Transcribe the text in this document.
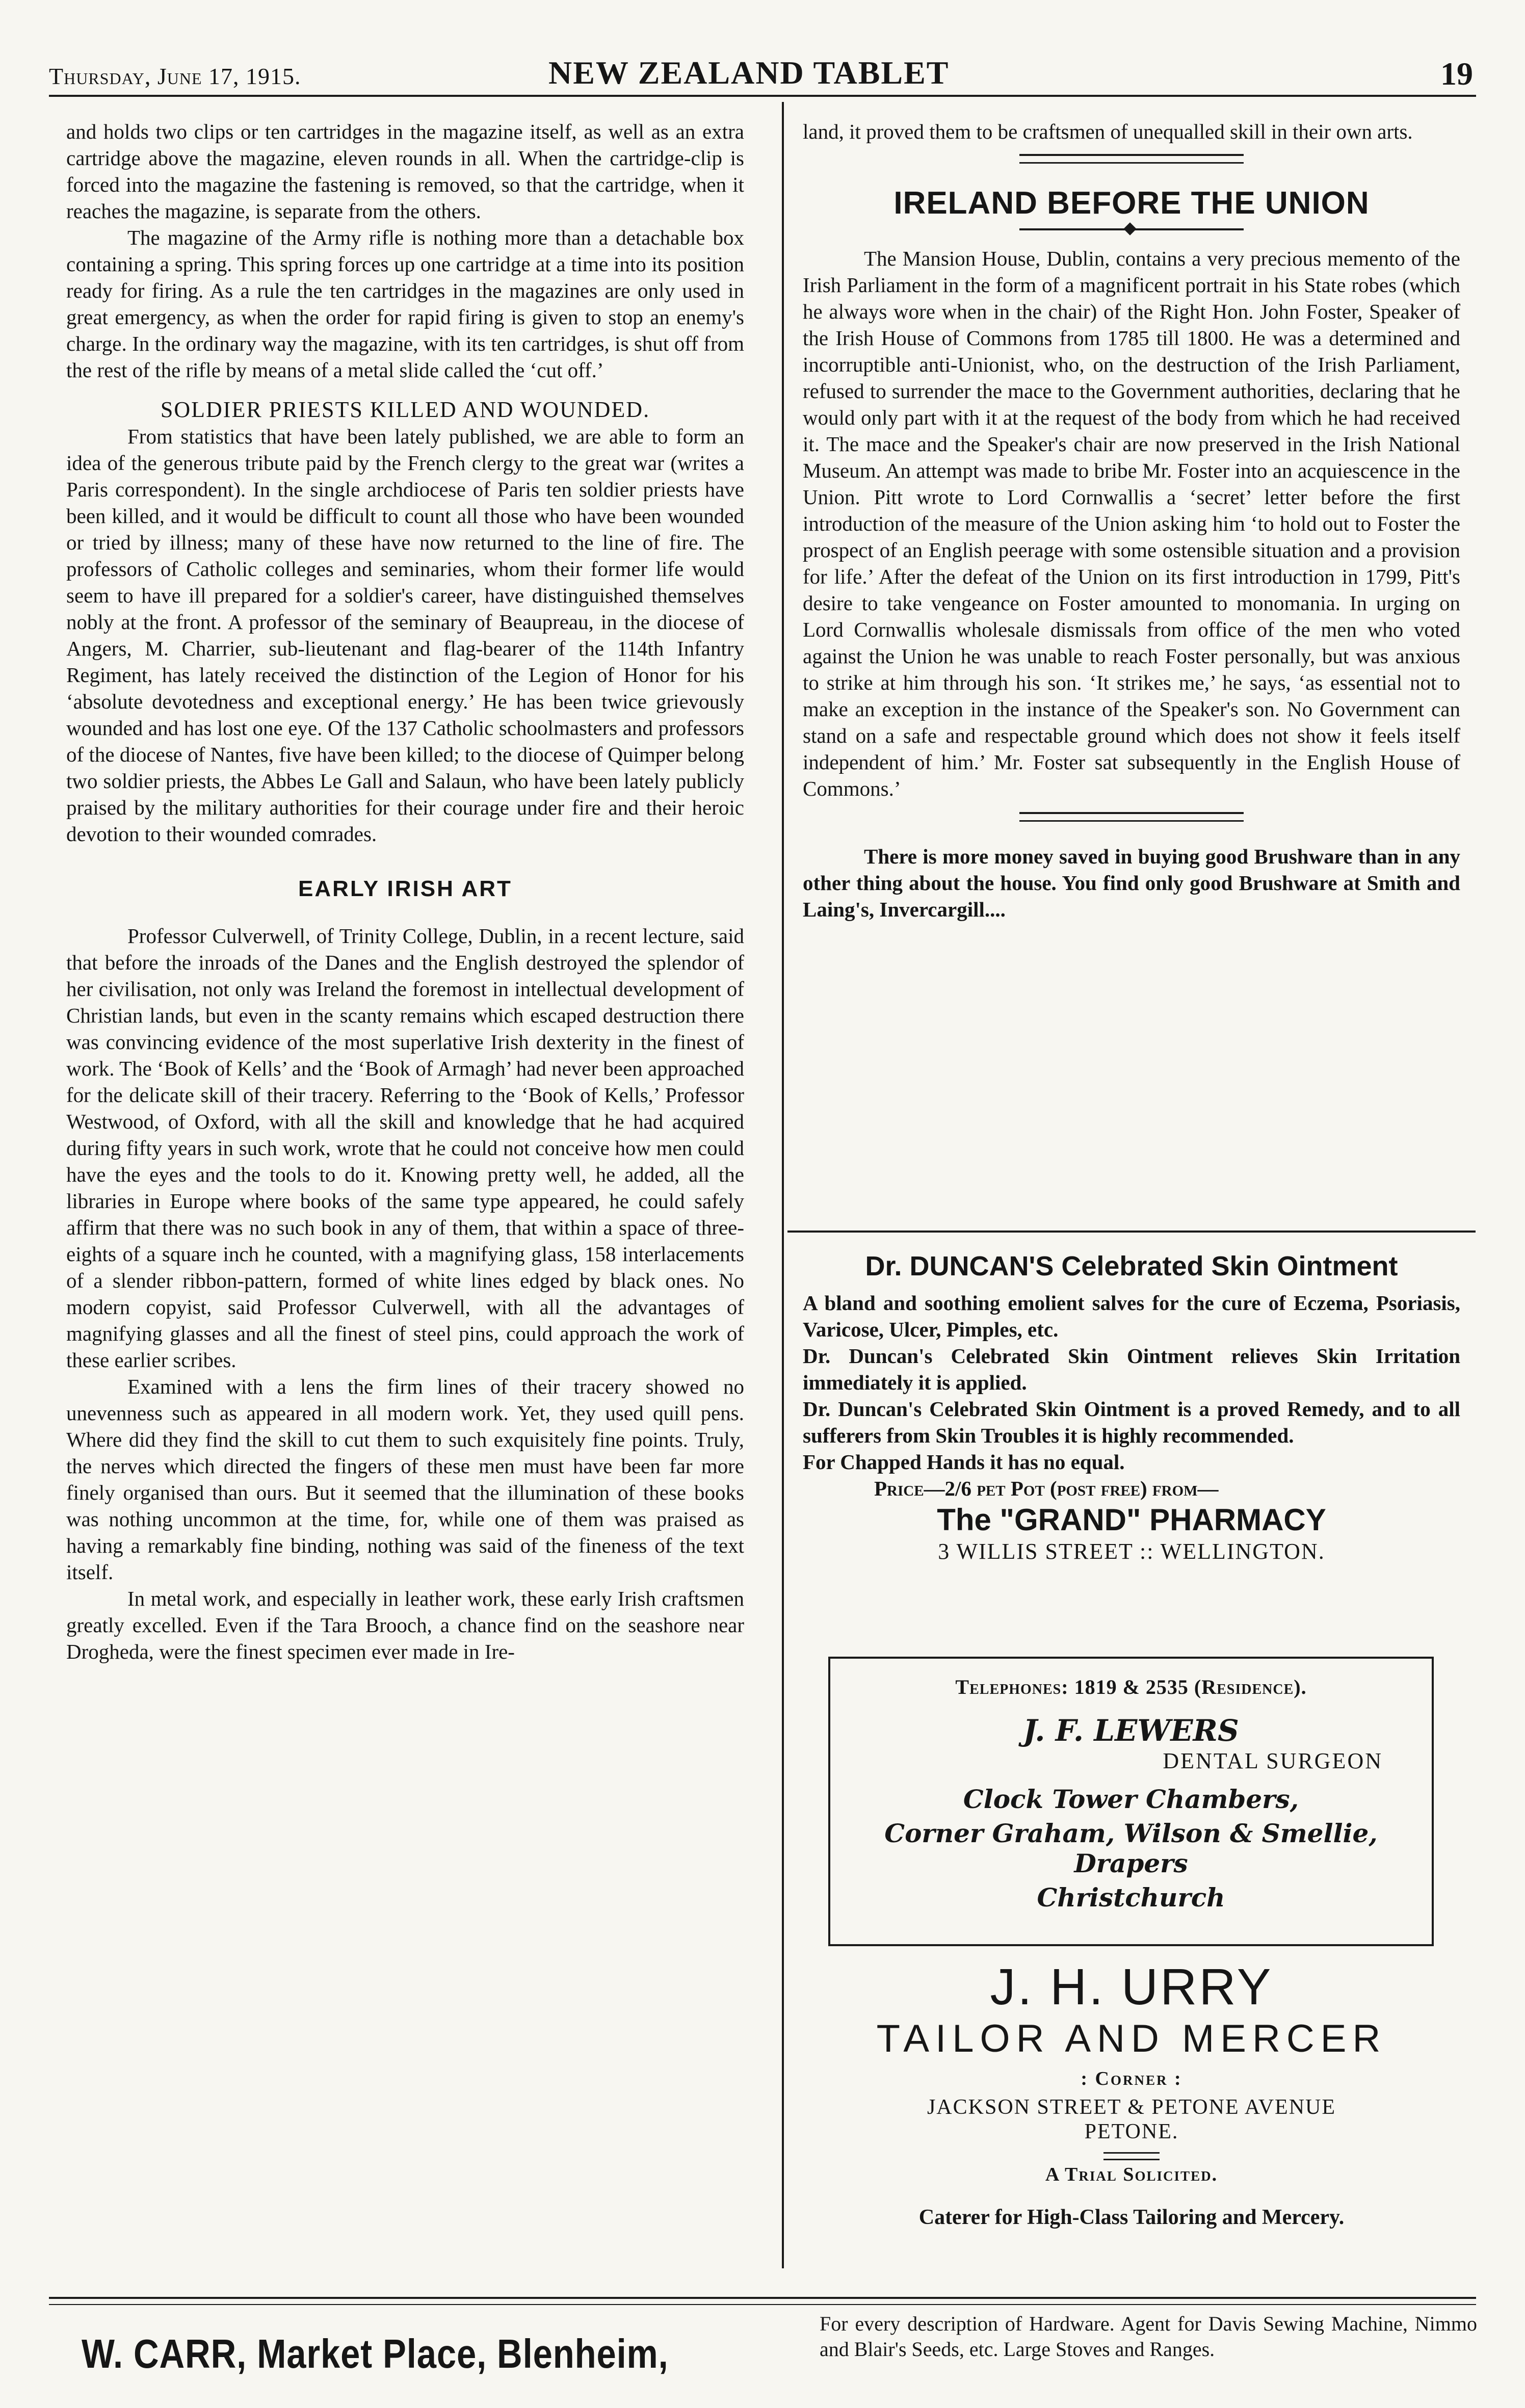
Thursday, June 17, 1915.	NEW ZEALAND TABLET	19

and holds two clips or ten cartridges in the magazine itself, as well as an extra cartridge above the magazine, eleven rounds in all. When the cartridge-clip is forced into the magazine the fastening is removed, so that the cartridge, when it reaches the magazine, is separate from the others.

The magazine of the Army rifle is nothing more than a detachable box containing a spring. This spring forces up one cartridge at a time into its position ready for firing. As a rule the ten cartridges in the magazines are only used in great emergency, as when the order for rapid firing is given to stop an enemy's charge. In the ordinary way the magazine, with its ten cartridges, is shut off from the rest of the rifle by means of a metal slide called the ‘cut off.’

SOLDIER PRIESTS KILLED AND WOUNDED.

From statistics that have been lately published, we are able to form an idea of the generous tribute paid by the French clergy to the great war (writes a Paris correspondent). In the single archdiocese of Paris ten soldier priests have been killed, and it would be difficult to count all those who have been wounded or tried by illness; many of these have now returned to the line of fire. The professors of Catholic colleges and seminaries, whom their former life would seem to have ill prepared for a soldier's career, have distinguished themselves nobly at the front. A professor of the seminary of Beaupreau, in the diocese of Angers, M. Charrier, sub-lieutenant and flag-bearer of the 114th Infantry Regiment, has lately received the distinction of the Legion of Honor for his ‘absolute devotedness and exceptional energy.’ He has been twice grievously wounded and has lost one eye. Of the 137 Catholic schoolmasters and professors of the diocese of Nantes, five have been killed; to the diocese of Quimper belong two soldier priests, the Abbes Le Gall and Salaun, who have been lately publicly praised by the military authorities for their courage under fire and their heroic devotion to their wounded comrades.

EARLY IRISH ART

Professor Culverwell, of Trinity College, Dublin, in a recent lecture, said that before the inroads of the Danes and the English destroyed the splendor of her civilisation, not only was Ireland the foremost in intellectual development of Christian lands, but even in the scanty remains which escaped destruction there was convincing evidence of the most superlative Irish dexterity in the finest of work. The ‘Book of Kells’ and the ‘Book of Armagh’ had never been approached for the delicate skill of their tracery. Referring to the ‘Book of Kells,’ Professor Westwood, of Oxford, with all the skill and knowledge that he had acquired during fifty years in such work, wrote that he could not conceive how men could have the eyes and the tools to do it. Knowing pretty well, he added, all the libraries in Europe where books of the same type appeared, he could safely affirm that there was no such book in any of them, that within a space of three-eights of a square inch he counted, with a magnifying glass, 158 interlacements of a slender ribbon-pattern, formed of white lines edged by black ones. No modern copyist, said Professor Culverwell, with all the advantages of magnifying glasses and all the finest of steel pins, could approach the work of these earlier scribes.

Examined with a lens the firm lines of their tracery showed no unevenness such as appeared in all modern work. Yet, they used quill pens. Where did they find the skill to cut them to such exquisitely fine points. Truly, the nerves which directed the fingers of these men must have been far more finely organised than ours. But it seemed that the illumination of these books was nothing uncommon at the time, for, while one of them was praised as having a remarkably fine binding, nothing was said of the fineness of the text itself.

In metal work, and especially in leather work, these early Irish craftsmen greatly excelled. Even if the Tara Brooch, a chance find on the seashore near Drogheda, were the finest specimen ever made in Ire-

land, it proved them to be craftsmen of unequalled skill in their own arts.

IRELAND BEFORE THE UNION

The Mansion House, Dublin, contains a very precious memento of the Irish Parliament in the form of a magnificent portrait in his State robes (which he always wore when in the chair) of the Right Hon. John Foster, Speaker of the Irish House of Commons from 1785 till 1800. He was a determined and incorruptible anti-Unionist, who, on the destruction of the Irish Parliament, refused to surrender the mace to the Government authorities, declaring that he would only part with it at the request of the body from which he had received it. The mace and the Speaker's chair are now preserved in the Irish National Museum. An attempt was made to bribe Mr. Foster into an acquiescence in the Union. Pitt wrote to Lord Cornwallis a ‘secret’ letter before the first introduction of the measure of the Union asking him ‘to hold out to Foster the prospect of an English peerage with some ostensible situation and a provision for life.’ After the defeat of the Union on its first introduction in 1799, Pitt's desire to take vengeance on Foster amounted to monomania. In urging on Lord Cornwallis wholesale dismissals from office of the men who voted against the Union he was unable to reach Foster personally, but was anxious to strike at him through his son. ‘It strikes me,’ he says, ‘as essential not to make an exception in the instance of the Speaker's son. No Government can stand on a safe and respectable ground which does not show it feels itself independent of him.’ Mr. Foster sat subsequently in the English House of Commons.’

There is more money saved in buying good Brushware than in any other thing about the house. You find only good Brushware at Smith and Laing's, Invercargill....

Dr. DUNCAN'S Celebrated Skin Ointment

A bland and soothing emolient salves for the cure of Eczema, Psoriasis, Varicose, Ulcer, Pimples, etc.

Dr. Duncan's Celebrated Skin Ointment relieves Skin Irritation immediately it is applied.

Dr. Duncan's Celebrated Skin Ointment is a proved Remedy, and to all sufferers from Skin Troubles it is highly recommended.

For Chapped Hands it has no equal.

Price—2/6 pet Pot (post free) from—

The "GRAND" PHARMACY
3 WILLIS STREET :: WELLINGTON.
Telephones: 1819 & 2535 (Residence).
J. F. LEWERS
DENTAL SURGEON
Clock Tower Chambers,
Corner Graham, Wilson & Smellie, Drapers
Christchurch
J. H. URRY
TAILOR AND MERCER
: Corner :
JACKSON STREET & PETONE AVENUE
PETONE.
A Trial Solicited.
Caterer for High-Class Tailoring and Mercery.
W. CARR, Market Place, Blenheim,
For every description of Hardware. Agent for Davis Sewing Machine, Nimmo and Blair's Seeds, etc. Large Stoves and Ranges.
